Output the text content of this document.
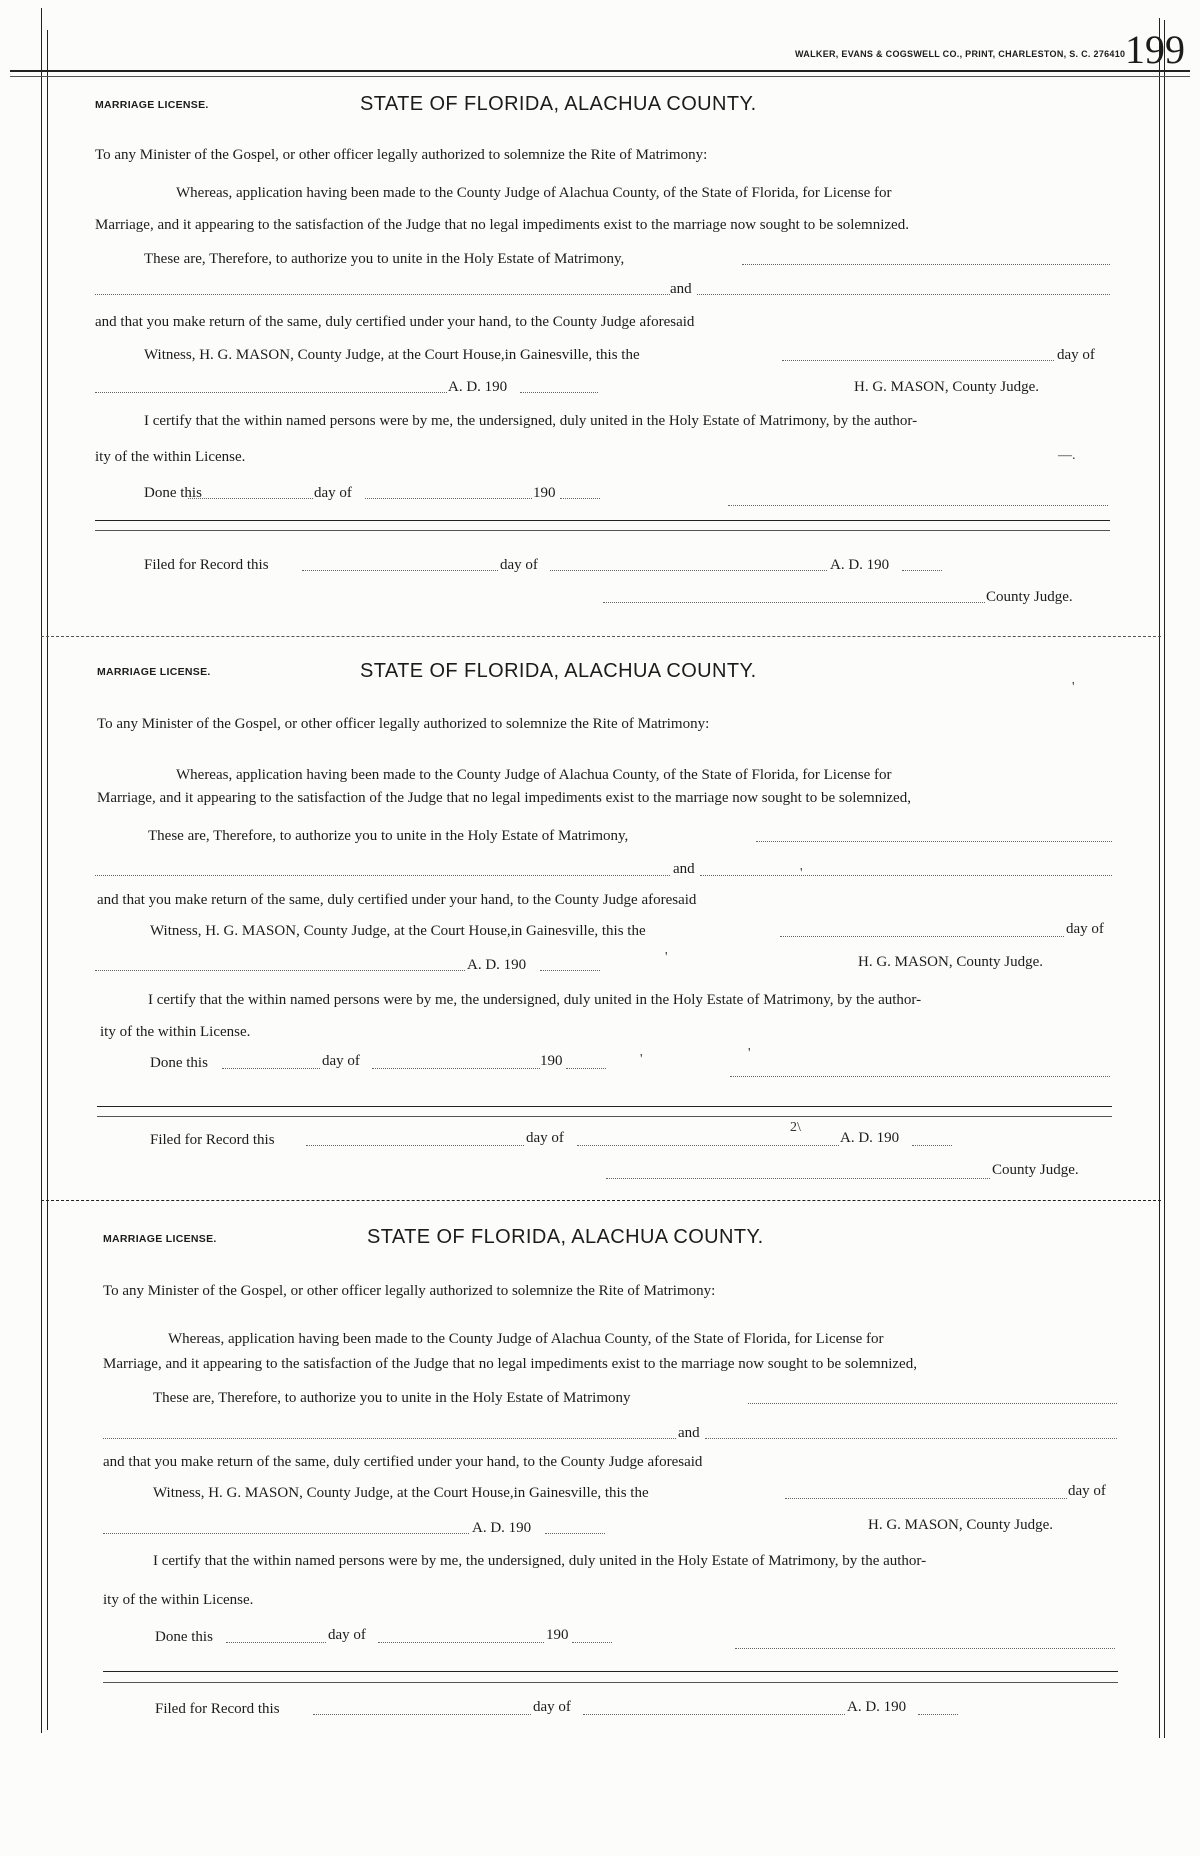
WALKER, EVANS & COGSWELL CO., PRINT, CHARLESTON, S. C. 276410 199
MARRIAGE LICENSE.	STATE OF FLORIDA, ALACHUA COUNTY.
To any Minister of the Gospel, or other officer legally authorized to solemnize the Rite of Matrimony:
Whereas, application having been made to the County Judge of Alachua County, of the State of Florida, for License for
Marriage, and it appearing to the satisfaction of the Judge that no legal impediments exist to the marriage now sought to be solemnized.
These are, Therefore, to authorize you to unite in the Holy Estate of Matrimony,
and
and that you make return of the same, duly certified under your hand, to the County Judge aforesaid
Witness, H. G. MASON, County Judge, at the Court House,in Gainesville, this the	day of
A. D. 190	H. G. MASON, County Judge.
I certify that the within named persons were by me, the undersigned, duly united in the Holy Estate of Matrimony, by the author-
ity of the within License.	—.
Done this	day of	190
Filed for Record this	day of	A. D. 190
County Judge.
MARRIAGE LICENSE.	STATE OF FLORIDA, ALACHUA COUNTY.
'
To any Minister of the Gospel, or other officer legally authorized to solemnize the Rite of Matrimony:
Whereas, application having been made to the County Judge of Alachua County, of the State of Florida, for License for
Marriage, and it appearing to the satisfaction of the Judge that no legal impediments exist to the marriage now sought to be solemnized,
These are, Therefore, to authorize you to unite in the Holy Estate of Matrimony,
and	'
and that you make return of the same, duly certified under your hand, to the County Judge aforesaid
Witness, H. G. MASON, County Judge, at the Court House,in Gainesville, this the	day of
A. D. 190	'	H. G. MASON, County Judge.
I certify that the within named persons were by me, the undersigned, duly united in the Holy Estate of Matrimony, by the author-
ity of the within License.
Done this	day of	190	'	'
Filed for Record this	day of
2\
A. D. 190
County Judge.
MARRIAGE LICENSE.	STATE OF FLORIDA, ALACHUA COUNTY.
To any Minister of the Gospel, or other officer legally authorized to solemnize the Rite of Matrimony:
Whereas, application having been made to the County Judge of Alachua County, of the State of Florida, for License for
Marriage, and it appearing to the satisfaction of the Judge that no legal impediments exist to the marriage now sought to be solemnized,
These are, Therefore, to authorize you to unite in the Holy Estate of Matrimony
and
and that you make return of the same, duly certified under your hand, to the County Judge aforesaid
Witness, H. G. MASON, County Judge, at the Court House,in Gainesville, this the	day of
A. D. 190	H. G. MASON, County Judge.
I certify that the within named persons were by me, the undersigned, duly united in the Holy Estate of Matrimony, by the author-
ity of the within License.
Done this	day of	190
Filed for Record this	day of	A. D. 190
